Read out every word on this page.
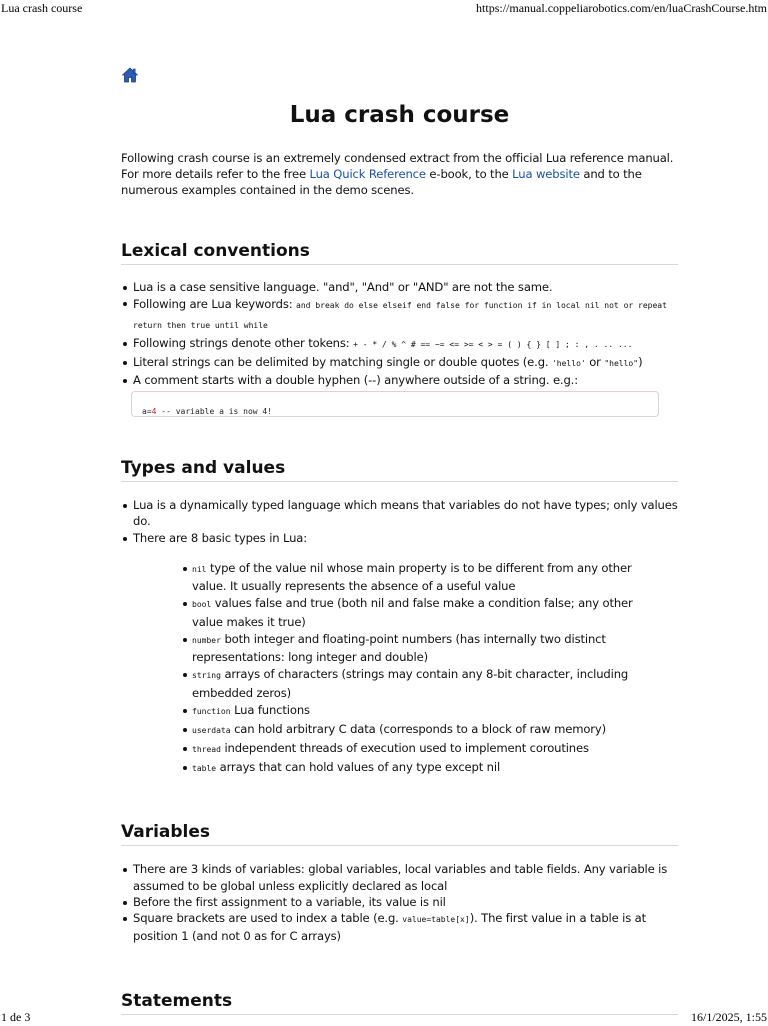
Lua crash course	https://manual.coppeliarobotics.com/en/luaCrashCourse.htm
Lua crash course

Following crash course is an extremely condensed extract from the official Lua reference manual. For more details refer to the free Lua Quick Reference e-book, to the Lua website and to the numerous examples contained in the demo scenes.

Lexical conventions
Lua is a case sensitive language. "and", "And" or "AND" are not the same.
Following are Lua keywords: and break do else elseif end false for function if in local nil not or repeat
return then true until while
Following strings denote other tokens: + - * / % ^ # == ~= <= >= < > = ( ) { } [ ] ; : , . .. ...
Literal strings can be delimited by matching single or double quotes (e.g. 'hello' or "hello")
A comment starts with a double hyphen (--) anywhere outside of a string. e.g.:
a=4 -- variable a is now 4!
Types and values
Lua is a dynamically typed language which means that variables do not have types; only values do.
There are 8 basic types in Lua:
nil type of the value nil whose main property is to be different from any other value. It usually represents the absence of a useful value
bool values false and true (both nil and false make a condition false; any other value makes it true)
number both integer and floating-point numbers (has internally two distinct representations: long integer and double)
string arrays of characters (strings may contain any 8-bit character, including embedded zeros)
function Lua functions
userdata can hold arbitrary C data (corresponds to a block of raw memory)
thread independent threads of execution used to implement coroutines
table arrays that can hold values of any type except nil
Variables
There are 3 kinds of variables: global variables, local variables and table fields. Any variable is assumed to be global unless explicitly declared as local
Before the first assignment to a variable, its value is nil
Square brackets are used to index a table (e.g. value=table[x]). The first value in a table is at position 1 (and not 0 as for C arrays)
Statements
1 de 3	16/1/2025, 1:55
